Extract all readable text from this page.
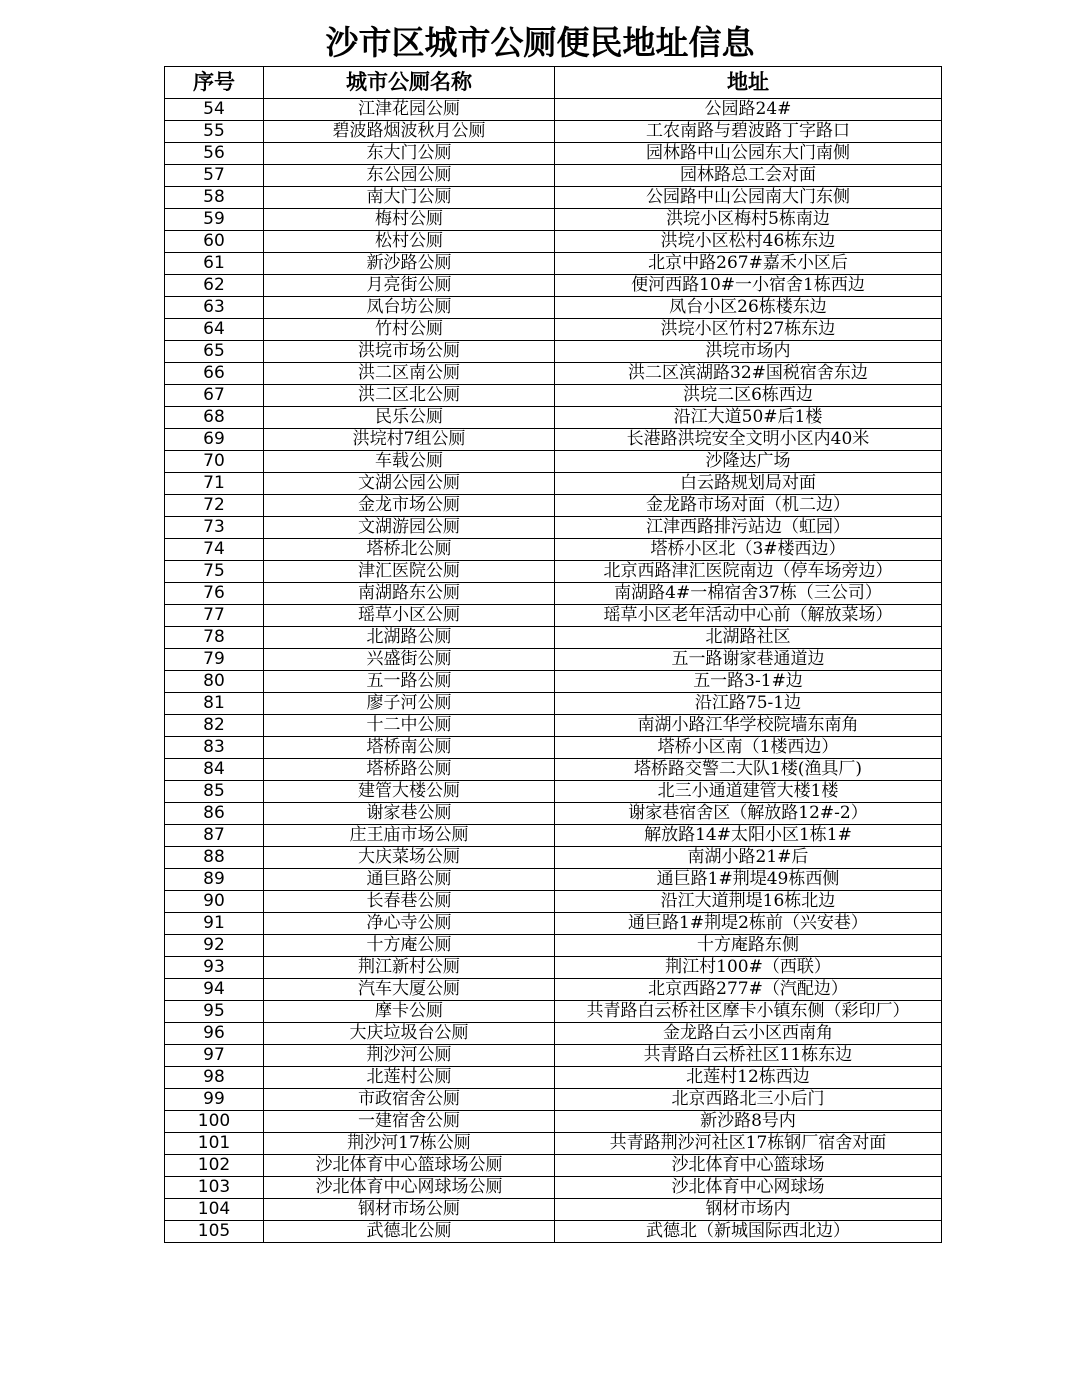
沙市区城市公厕便民地址信息
序号	城市公厕名称	地址
54	江津花园公厕	公园路24#
55	碧波路烟波秋月公厕	工农南路与碧波路丁字路口
56	东大门公厕	园林路中山公园东大门南侧
57	东公园公厕	园林路总工会对面
58	南大门公厕	公园路中山公园南大门东侧
59	梅村公厕	洪垸小区梅村5栋南边
60	松村公厕	洪垸小区松村46栋东边
61	新沙路公厕	北京中路267#嘉禾小区后
62	月亮街公厕	便河西路10#一小宿舍1栋西边
63	凤台坊公厕	凤台小区26栋楼东边
64	竹村公厕	洪垸小区竹村27栋东边
65	洪垸市场公厕	洪垸市场内
66	洪二区南公厕	洪二区滨湖路32#国税宿舍东边
67	洪二区北公厕	洪垸二区6栋西边
68	民乐公厕	沿江大道50#后1楼
69	洪垸村7组公厕	长港路洪垸安全文明小区内40米
70	车载公厕	沙隆达广场
71	文湖公园公厕	白云路规划局对面
72	金龙市场公厕	金龙路市场对面（机二边）
73	文湖游园公厕	江津西路排污站边（虹园）
74	塔桥北公厕	塔桥小区北（3#楼西边）
75	津汇医院公厕	北京西路津汇医院南边（停车场旁边）
76	南湖路东公厕	南湖路4#一棉宿舍37栋（三公司）
77	瑶草小区公厕	瑶草小区老年活动中心前（解放菜场）
78	北湖路公厕	北湖路社区
79	兴盛街公厕	五一路谢家巷通道边
80	五一路公厕	五一路3-1#边
81	廖子河公厕	沿江路75-1边
82	十二中公厕	南湖小路江华学校院墙东南角
83	塔桥南公厕	塔桥小区南（1楼西边）
84	塔桥路公厕	塔桥路交警二大队1楼(渔具厂)
85	建管大楼公厕	北三小通道建管大楼1楼
86	谢家巷公厕	谢家巷宿舍区（解放路12#-2）
87	庄王庙市场公厕	解放路14#太阳小区1栋1#
88	大庆菜场公厕	南湖小路21#后
89	通巨路公厕	通巨路1#荆堤49栋西侧
90	长春巷公厕	沿江大道荆堤16栋北边
91	净心寺公厕	通巨路1#荆堤2栋前（兴安巷）
92	十方庵公厕	十方庵路东侧
93	荆江新村公厕	荆江村100#（西联）
94	汽车大厦公厕	北京西路277#（汽配边）
95	摩卡公厕	共青路白云桥社区摩卡小镇东侧（彩印厂）
96	大庆垃圾台公厕	金龙路白云小区西南角
97	荆沙河公厕	共青路白云桥社区11栋东边
98	北莲村公厕	北莲村12栋西边
99	市政宿舍公厕	北京西路北三小后门
100	一建宿舍公厕	新沙路8号内
101	荆沙河17栋公厕	共青路荆沙河社区17栋钢厂宿舍对面
102	沙北体育中心篮球场公厕	沙北体育中心篮球场
103	沙北体育中心网球场公厕	沙北体育中心网球场
104	钢材市场公厕	钢材市场内
105	武德北公厕	武德北（新城国际西北边）
